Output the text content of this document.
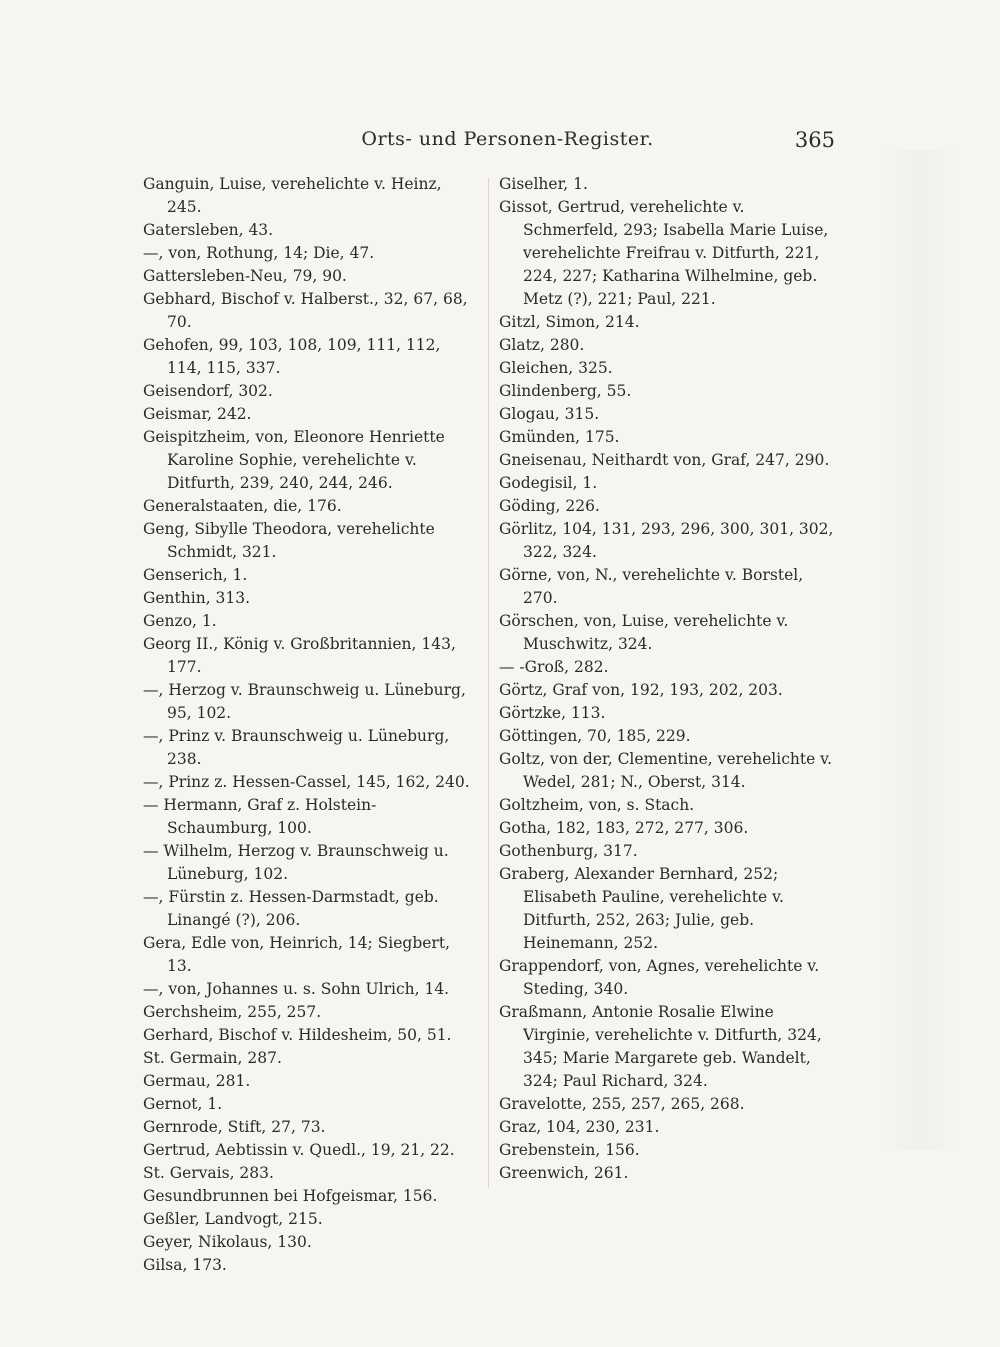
Orts- und Personen-Register.	365
Ganguin, Luise, verehelichte v. Heinz, 245.
Gatersleben, 43.
—, von, Rothung, 14; Die, 47.
Gattersleben-Neu, 79, 90.
Gebhard, Bischof v. Halberst., 32, 67, 68, 70.
Gehofen, 99, 103, 108, 109, 111, 112, 114, 115, 337.
Geisendorf, 302.
Geismar, 242.
Geispitzheim, von, Eleonore Henriette Karoline Sophie, verehelichte v. Ditfurth, 239, 240, 244, 246.
Generalstaaten, die, 176.
Geng, Sibylle Theodora, verehelichte Schmidt, 321.
Genserich, 1.
Genthin, 313.
Genzo, 1.
Georg II., König v. Großbritannien, 143, 177.
—, Herzog v. Braunschweig u. Lüneburg, 95, 102.
—, Prinz v. Braunschweig u. Lüneburg, 238.
—, Prinz z. Hessen-Cassel, 145, 162, 240.
— Hermann, Graf z. Holstein-Schaumburg, 100.
— Wilhelm, Herzog v. Braunschweig u. Lüneburg, 102.
—, Fürstin z. Hessen-Darmstadt, geb. Linangé (?), 206.
Gera, Edle von, Heinrich, 14; Siegbert, 13.
—, von, Johannes u. s. Sohn Ulrich, 14.
Gerchsheim, 255, 257.
Gerhard, Bischof v. Hildesheim, 50, 51.
St. Germain, 287.
Germau, 281.
Gernot, 1.
Gernrode, Stift, 27, 73.
Gertrud, Aebtissin v. Quedl., 19, 21, 22.
St. Gervais, 283.
Gesundbrunnen bei Hofgeismar, 156.
Geßler, Landvogt, 215.
Geyer, Nikolaus, 130.
Gilsa, 173.
Giselher, 1.
Gissot, Gertrud, verehelichte v. Schmerfeld, 293; Isabella Marie Luise, verehelichte Freifrau v. Ditfurth, 221, 224, 227; Katharina Wilhelmine, geb. Metz (?), 221; Paul, 221.
Gitzl, Simon, 214.
Glatz, 280.
Gleichen, 325.
Glindenberg, 55.
Glogau, 315.
Gmünden, 175.
Gneisenau, Neithardt von, Graf, 247, 290.
Godegisil, 1.
Göding, 226.
Görlitz, 104, 131, 293, 296, 300, 301, 302, 322, 324.
Görne, von, N., verehelichte v. Borstel, 270.
Görschen, von, Luise, verehelichte v. Muschwitz, 324.
— -Groß, 282.
Görtz, Graf von, 192, 193, 202, 203.
Görtzke, 113.
Göttingen, 70, 185, 229.
Goltz, von der, Clementine, verehelichte v. Wedel, 281; N., Oberst, 314.
Goltzheim, von, s. Stach.
Gotha, 182, 183, 272, 277, 306.
Gothenburg, 317.
Graberg, Alexander Bernhard, 252; Elisabeth Pauline, verehelichte v. Ditfurth, 252, 263; Julie, geb. Heinemann, 252.
Grappendorf, von, Agnes, verehelichte v. Steding, 340.
Graßmann, Antonie Rosalie Elwine Virginie, verehelichte v. Ditfurth, 324, 345; Marie Margarete geb. Wandelt, 324; Paul Richard, 324.
Gravelotte, 255, 257, 265, 268.
Graz, 104, 230, 231.
Grebenstein, 156.
Greenwich, 261.
